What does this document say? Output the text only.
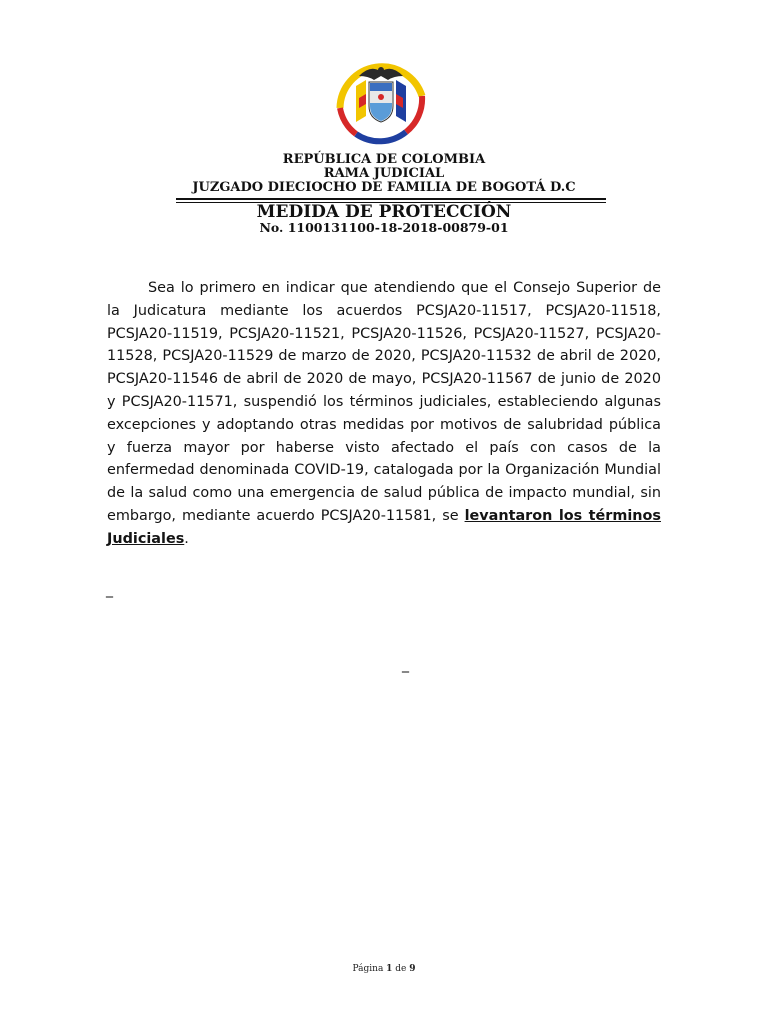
REPÚBLICA DE COLOMBIA
RAMA JUDICIAL
JUZGADO DIECIOCHO DE FAMILIA DE BOGOTÁ D.C
MEDIDA DE PROTECCIÓN
No. 1100131100-18-2018-00879-01

Sea lo primero en indicar que atendiendo que el Consejo Superior de la Judicatura mediante los acuerdos PCSJA20-11517, PCSJA20-11518, PCSJA20-11519, PCSJA20-11521, PCSJA20-11526, PCSJA20-11527, PCSJA20-11528, PCSJA20-11529 de marzo de 2020, PCSJA20-11532 de abril de 2020, PCSJA20-11546 de abril de 2020 de mayo, PCSJA20-11567 de junio de 2020 y PCSJA20-11571, suspendió los términos judiciales, estableciendo algunas excepciones y adoptando otras medidas por motivos de salubridad pública y fuerza mayor por haberse visto afectado el país con casos de la enfermedad denominada COVID-19, catalogada por la Organización Mundial de la salud como una emergencia de salud pública de impacto mundial, sin embargo, mediante acuerdo PCSJA20-11581, se levantaron los términos Judiciales.

_
_
Página 1 de 9
